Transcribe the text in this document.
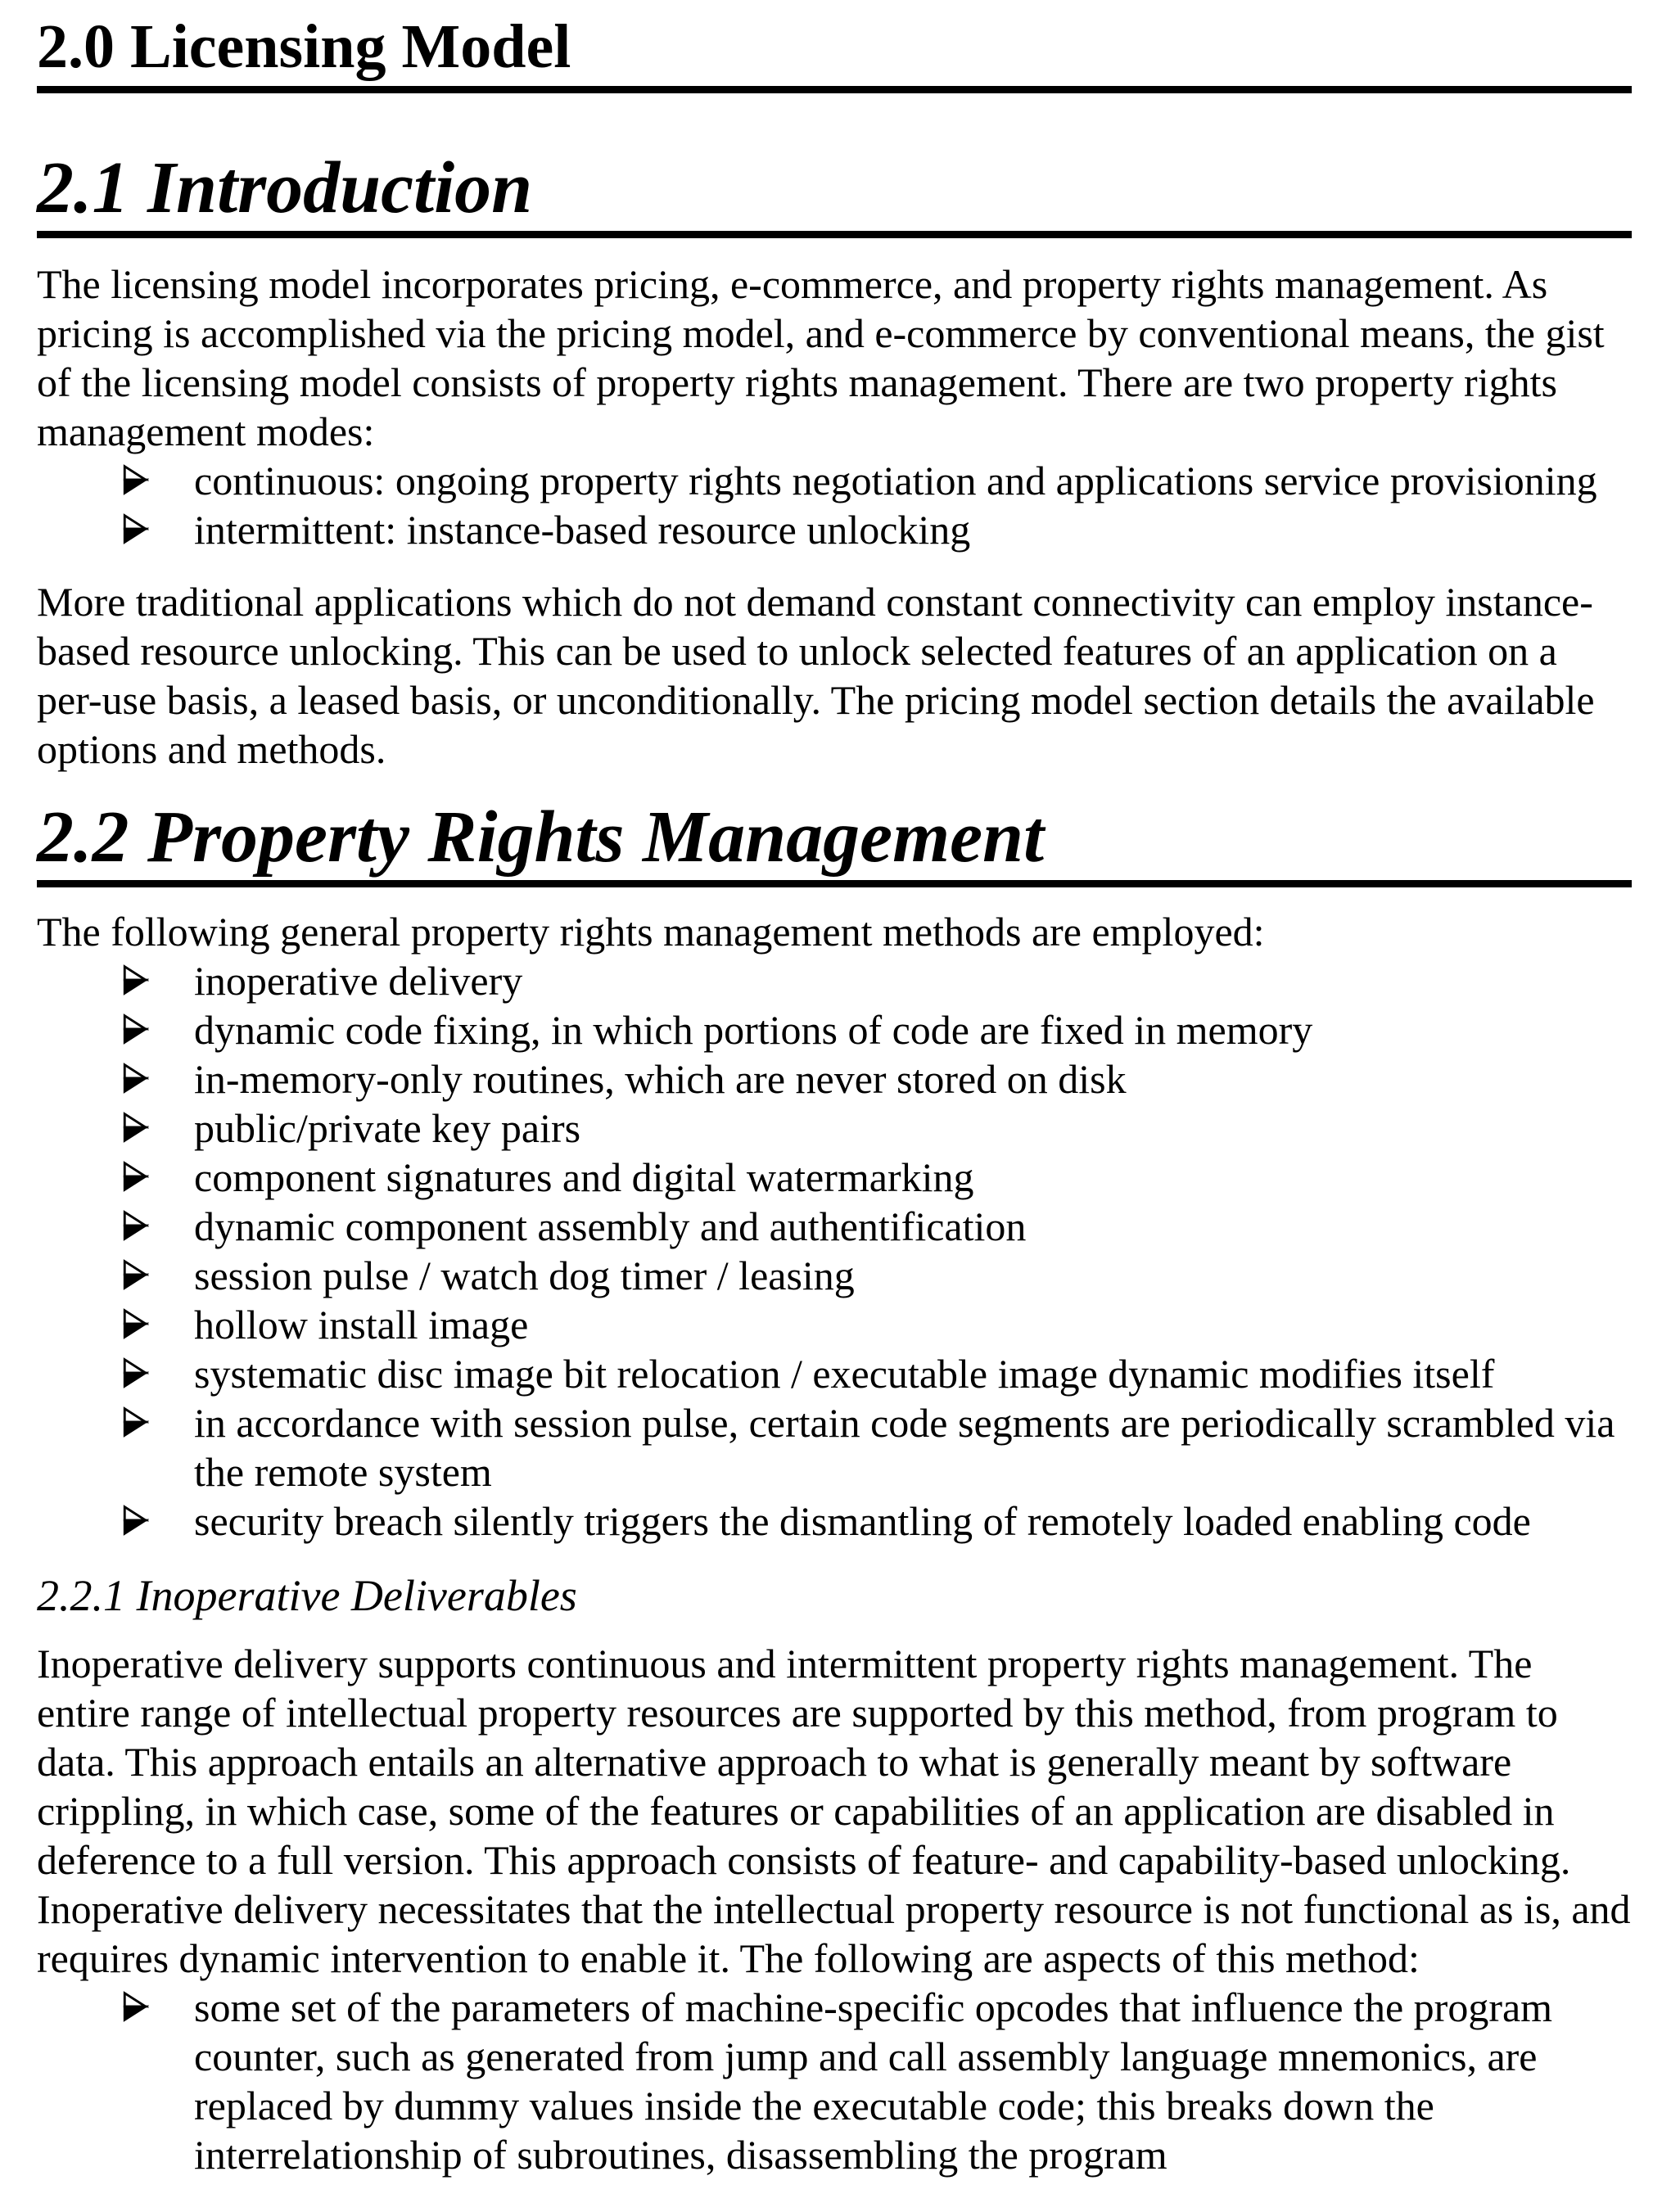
2.0 Licensing Model
2.1 Introduction

The licensing model incorporates pricing, e-commerce, and property rights management. As pricing is accomplished via the pricing model, and e-commerce by conventional means, the gist of the licensing model consists of property rights management. There are two property rights management modes:

continuous: ongoing property rights negotiation and applications service provisioning
intermittent: instance-based resource unlocking

More traditional applications which do not demand constant connectivity can employ instance-based resource unlocking. This can be used to unlock selected features of an application on a per-use basis, a leased basis, or unconditionally. The pricing model section details the available options and methods.

2.2 Property Rights Management

The following general property rights management methods are employed:

inoperative delivery
dynamic code fixing, in which portions of code are fixed in memory
in-memory-only routines, which are never stored on disk
public/private key pairs
component signatures and digital watermarking
dynamic component assembly and authentification
session pulse / watch dog timer / leasing
hollow install image
systematic disc image bit relocation / executable image dynamic modifies itself
in accordance with session pulse, certain code segments are periodically scrambled via the remote system
security breach silently triggers the dismantling of remotely loaded enabling code
2.2.1 Inoperative Deliverables

Inoperative delivery supports continuous and intermittent property rights management. The entire range of intellectual property resources are supported by this method, from program to data. This approach entails an alternative approach to what is generally meant by software crippling, in which case, some of the features or capabilities of an application are disabled in deference to a full version. This approach consists of feature- and capability-based unlocking. Inoperative delivery necessitates that the intellectual property resource is not functional as is, and requires dynamic intervention to enable it. The following are aspects of this method:

some set of the parameters of machine-specific opcodes that influence the program counter, such as generated from jump and call assembly language mnemonics, are replaced by dummy values inside the executable code; this breaks down the interrelationship of subroutines, disassembling the program
